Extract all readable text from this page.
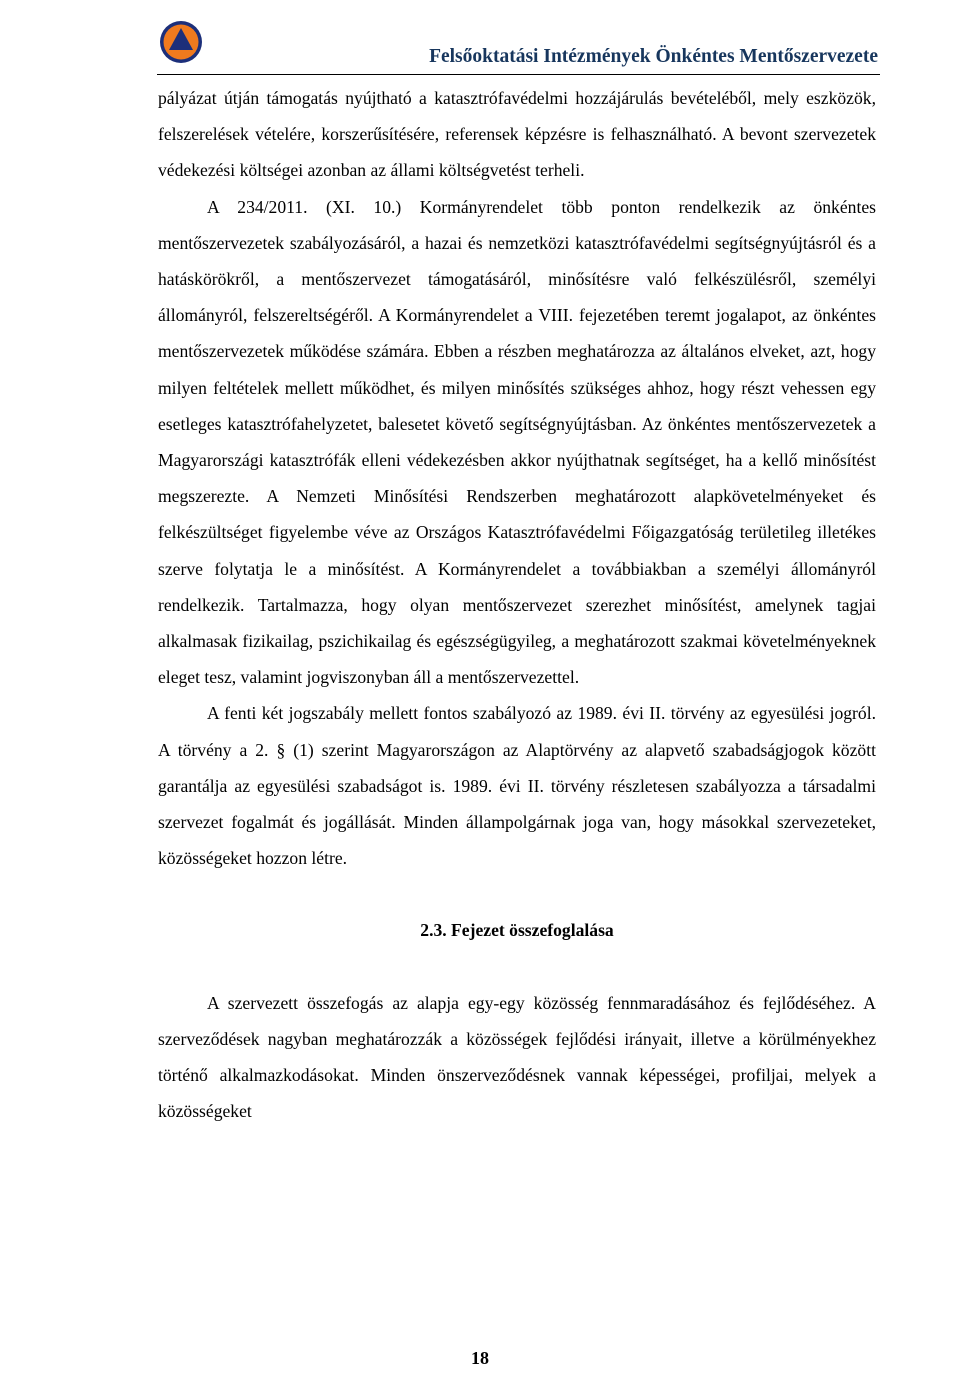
Felsőoktatási Intézmények Önkéntes Mentőszervezete

pályázat útján támogatás nyújtható a katasztrófavédelmi hozzájárulás bevételéből, mely eszközök, felszerelések vételére, korszerűsítésére, referensek képzésre is felhasználható. A bevont szervezetek védekezési költségei azonban az állami költségvetést terheli.

A 234/2011. (XI. 10.) Kormányrendelet több ponton rendelkezik az önkéntes mentőszervezetek szabályozásáról, a hazai és nemzetközi katasztrófavédelmi segítségnyújtásról és a hatáskörökről, a mentőszervezet támogatásáról, minősítésre való felkészülésről, személyi állományról, felszereltségéről. A Kormányrendelet a VIII. fejezetében teremt jogalapot, az önkéntes mentőszervezetek működése számára. Ebben a részben meghatározza az általános elveket, azt, hogy milyen feltételek mellett működhet, és milyen minősítés szükséges ahhoz, hogy részt vehessen egy esetleges katasztrófahelyzetet, balesetet követő segítségnyújtásban. Az önkéntes mentőszervezetek a Magyarországi katasztrófák elleni védekezésben akkor nyújthatnak segítséget, ha a kellő minősítést megszerezte. A Nemzeti Minősítési Rendszerben meghatározott alapkövetelményeket és felkészültséget figyelembe véve az Országos Katasztrófavédelmi Főigazgatóság területileg illetékes szerve folytatja le a minősítést. A Kormányrendelet a továbbiakban a személyi állományról rendelkezik. Tartalmazza, hogy olyan mentőszervezet szerezhet minősítést, amelynek tagjai alkalmasak fizikailag, pszichikailag és egészségügyileg, a meghatározott szakmai követelményeknek eleget tesz, valamint jogviszonyban áll a mentőszervezettel.

A fenti két jogszabály mellett fontos szabályozó az 1989. évi II. törvény az egyesülési jogról. A törvény a 2. § (1) szerint Magyarországon az Alaptörvény az alapvető szabadságjogok között garantálja az egyesülési szabadságot is. 1989. évi II. törvény részletesen szabályozza a társadalmi szervezet fogalmát és jogállását. Minden állampolgárnak joga van, hogy másokkal szervezeteket, közösségeket hozzon létre.

2.3. Fejezet összefoglalása

A szervezett összefogás az alapja egy-egy közösség fennmaradásához és fejlődéséhez. A szerveződések nagyban meghatározzák a közösségek fejlődési irányait, illetve a körülményekhez történő alkalmazkodásokat. Minden önszerveződésnek vannak képességei, profiljai, melyek a közösségeket

18
